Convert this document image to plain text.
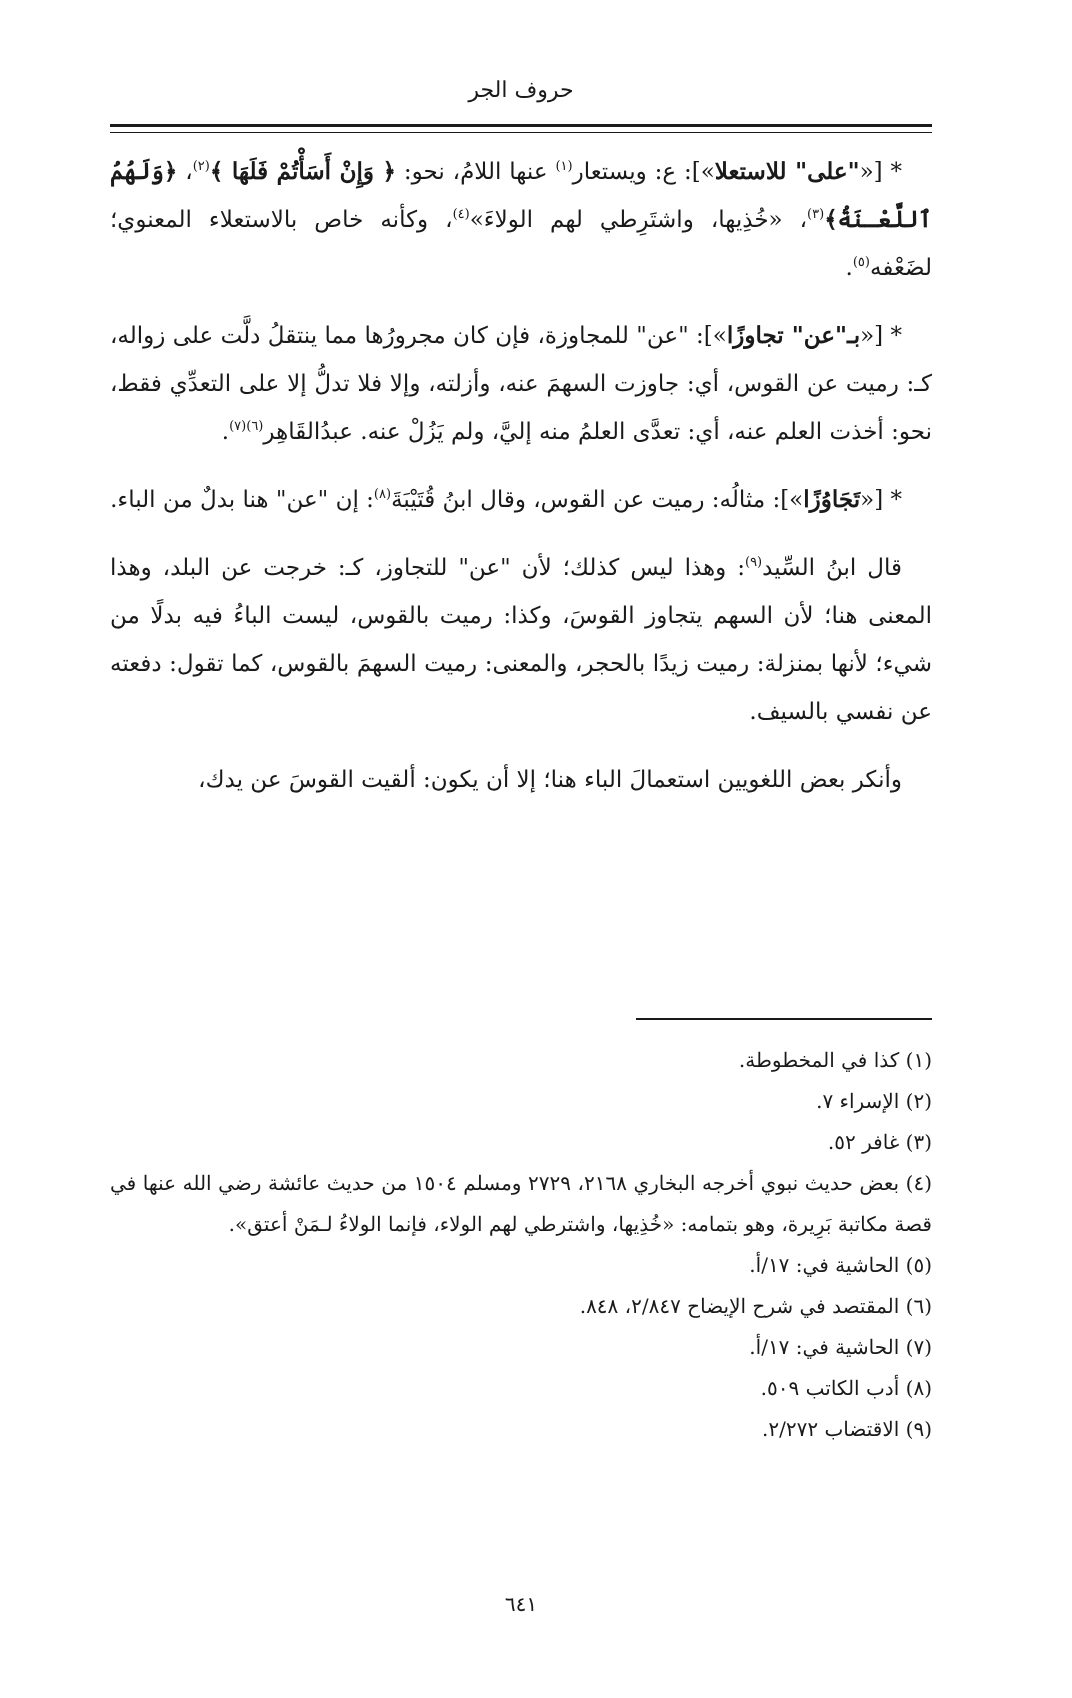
حروف الجر

* [«"على" للاستعلا»]: ع: ويستعار$^{(١)}$ عنها اللامُ، نحو: ﴿ وَإِنْ أَسَأْتُمْ فَلَهَا ﴾$^{(٢)}$، ﴿وَلَهُمُ ٱللَّعْـنَةُ﴾$^{(٣)}$، «خُذِيها، واشتَرِطي لهم الولاءَ»$^{(٤)}$، وكأنه خاص بالاستعلاء المعنوي؛ لضَعْفه$^{(٥)}$.

* [«بـ"عن" تجاوزًا»]: "عن" للمجاوزة، فإن كان مجرورُها مما ينتقلُ دلَّت على زواله، كـ: رميت عن القوس، أي: جاوزت السهمَ عنه، وأزلته، وإلا فلا تدلُّ إلا على التعدِّي فقط، نحو: أخذت العلم عنه، أي: تعدَّى العلمُ منه إليَّ، ولم يَزُلْ عنه. عبدُالقَاهِر$^{(٦)(٧)}$.

* [«تَجَاوُزًا»]: مثالُه: رميت عن القوس، وقال ابنُ قُتَيْبَةَ$^{(٨)}$: إن "عن" هنا بدلٌ من الباء.

قال ابنُ السِّيد$^{(٩)}$: وهذا ليس كذلك؛ لأن "عن" للتجاوز، كـ: خرجت عن البلد، وهذا المعنى هنا؛ لأن السهم يتجاوز القوسَ، وكذا: رميت بالقوس، ليست الباءُ فيه بدلًا من شيء؛ لأنها بمنزلة: رميت زيدًا بالحجر، والمعنى: رميت السهمَ بالقوس، كما تقول: دفعته عن نفسي بالسيف.

وأنكر بعض اللغويين استعمالَ الباء هنا؛ إلا أن يكون: ألقيت القوسَ عن يدك،

(١) كذا في المخطوطة.
(٢) الإسراء ٧.
(٣) غافر ٥٢.
(٤) بعض حديث نبوي أخرجه البخاري ٢١٦٨، ٢٧٢٩ ومسلم ١٥٠٤ من حديث عائشة رضي الله عنها في قصة مكاتبة بَرِيرة، وهو بتمامه: «خُذِيها، واشترطي لهم الولاء، فإنما الولاءُ لـمَنْ أعتق».
(٥) الحاشية في: ١٧/أ.
(٦) المقتصد في شرح الإيضاح ٢/٨٤٧، ٨٤٨.
(٧) الحاشية في: ١٧/أ.
(٨) أدب الكاتب ٥٠٩.
(٩) الاقتضاب ٢/٢٧٢.
٦٤١
